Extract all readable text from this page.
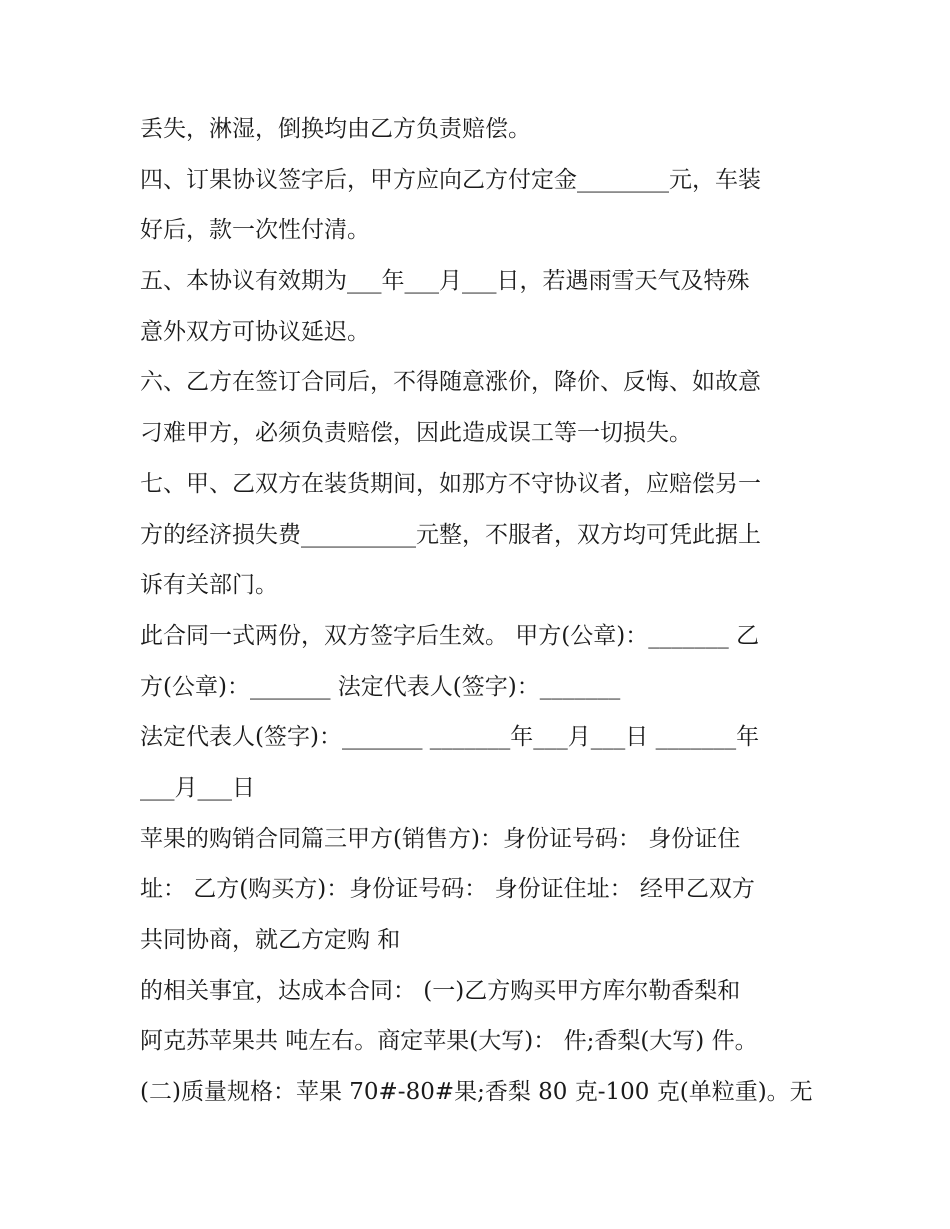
丢失，淋湿，倒换均由乙方负责赔偿。
四、订果协议签字后，甲方应向乙方付定金________元，车装
好后，款一次性付清。
五、本协议有效期为___年___月___日，若遇雨雪天气及特殊
意外双方可协议延迟。
六、乙方在签订合同后，不得随意涨价，降价、反悔、如故意
刁难甲方，必须负责赔偿，因此造成误工等一切损失。
七、甲、乙双方在装货期间，如那方不守协议者，应赔偿另一
方的经济损失费__________元整，不服者，双方均可凭此据上
诉有关部门。
此合同一式两份，双方签字后生效。 甲方(公章)：_______ 乙
方(公章)：_______ 法定代表人(签字)：_______
法定代表人(签字)：_______ _______年___月___日 _______年
___月___日
苹果的购销合同篇三甲方(销售方)：身份证号码： 身份证住
址： 乙方(购买方)：身份证号码： 身份证住址： 经甲乙双方
共同协商，就乙方定购 和
的相关事宜，达成本合同： (一)乙方购买甲方库尔勒香梨和
阿克苏苹果共 吨左右。商定苹果(大写)： 件;香梨(大写) 件。
(二)质量规格：苹果 70#-80#果;香梨 80 克-100 克(单粒重)。无
